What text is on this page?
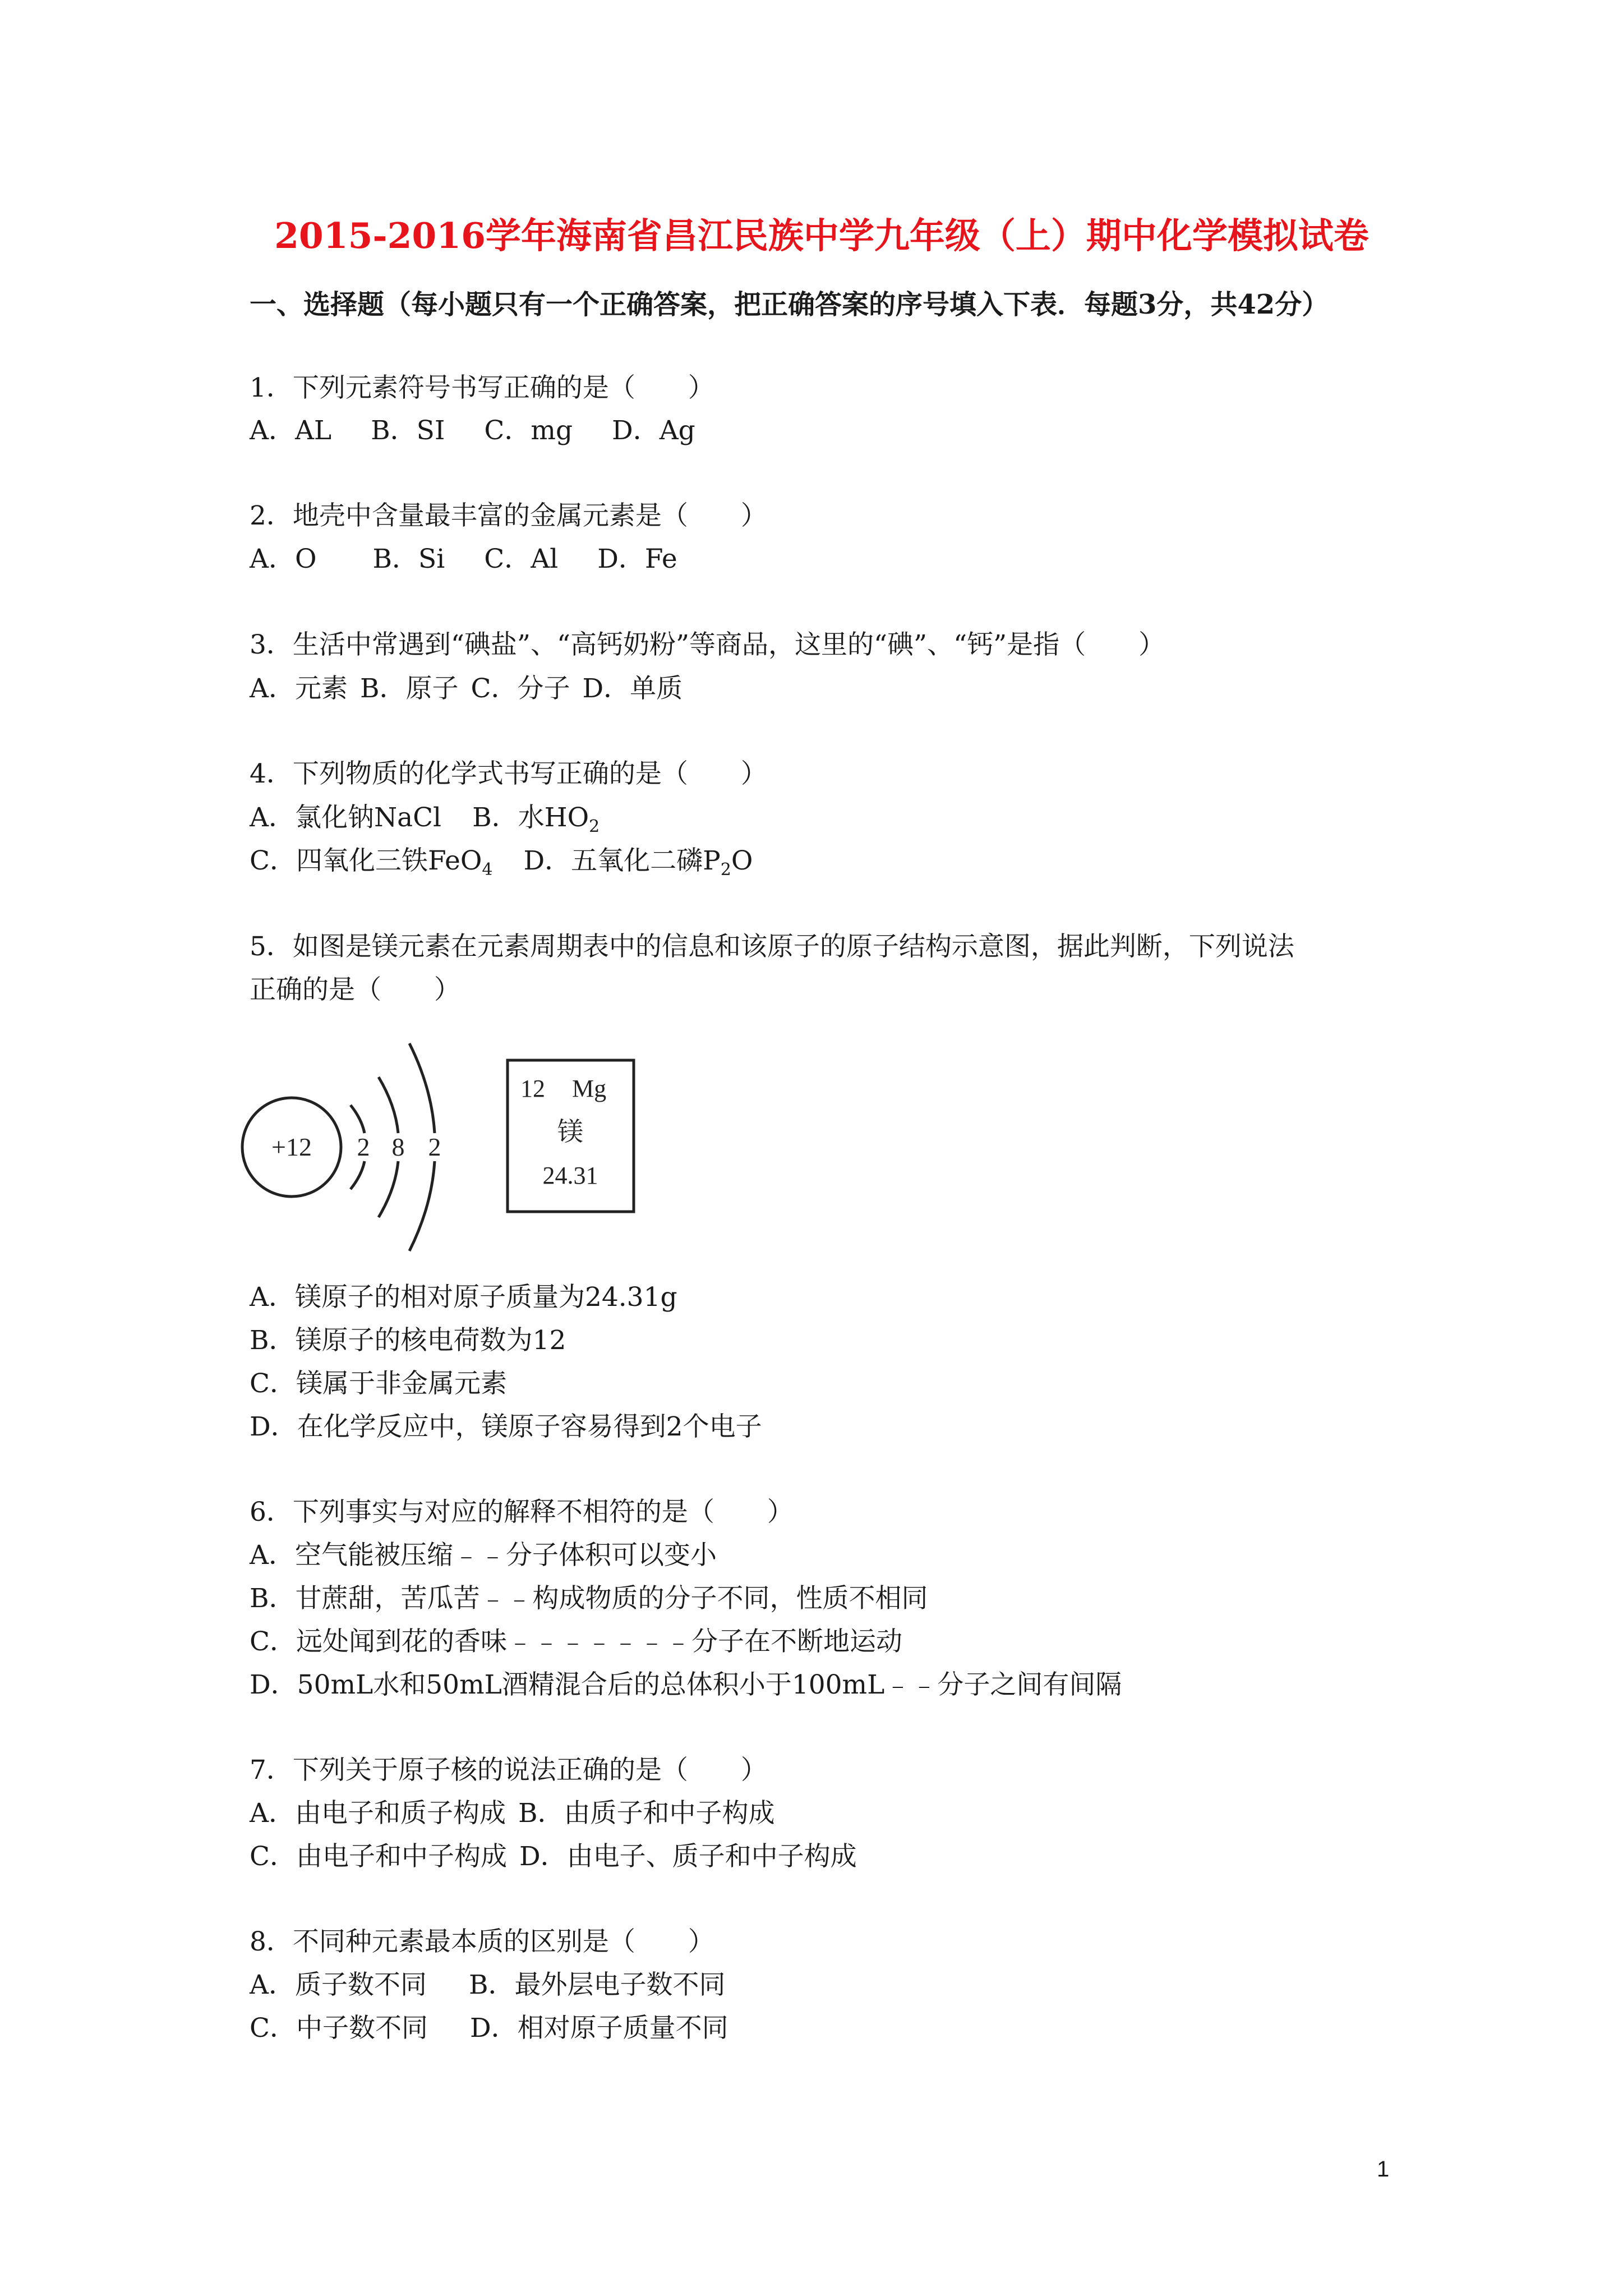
2015-2016学年海南省昌江民族中学九年级（上）期中化学模拟试卷
一、选择题（每小题只有一个正确答案，把正确答案的序号填入下表．每题3分，共42分）
1．下列元素符号书写正确的是（　　）
A．AL B．SI C．mg D．Ag
2．地壳中含量最丰富的金属元素是（　　）
A．O B．Si C．Al D．Fe
3．生活中常遇到“碘盐”、“高钙奶粉”等商品，这里的“碘”、“钙”是指（　　）
A．元素 B．原子 C．分子 D．单质
4．下列物质的化学式书写正确的是（　　）
A．氯化钠NaCl B．水$HO_2$
C．四氧化三铁FeO$_4$ D．五氧化二磷$P_2O$
5．如图是镁元素在元素周期表中的信息和该原子的原子结构示意图，据此判断，下列说法
正确的是（　　）
+12 2 8 2
12 Mg
镁
24.31
A．镁原子的相对原子质量为24.31g
B．镁原子的核电荷数为12
C．镁属于非金属元素
D．在化学反应中，镁原子容易得到2个电子
6．下列事实与对应的解释不相符的是（　　）
A．空气能被压缩﹣﹣分子体积可以变小
B．甘蔗甜，苦瓜苦﹣﹣构成物质的分子不同，性质不相同
C．远处闻到花的香味﹣﹣﹣﹣﹣﹣﹣分子在不断地运动
D．50mL水和50mL酒精混合后的总体积小于100mL﹣﹣分子之间有间隔
7．下列关于原子核的说法正确的是（　　）
A．由电子和质子构成 B．由质子和中子构成
C．由电子和中子构成 D．由电子、质子和中子构成
8．不同种元素最本质的区别是（　　）
A．质子数不同 B．最外层电子数不同
C．中子数不同 D．相对原子质量不同
1
